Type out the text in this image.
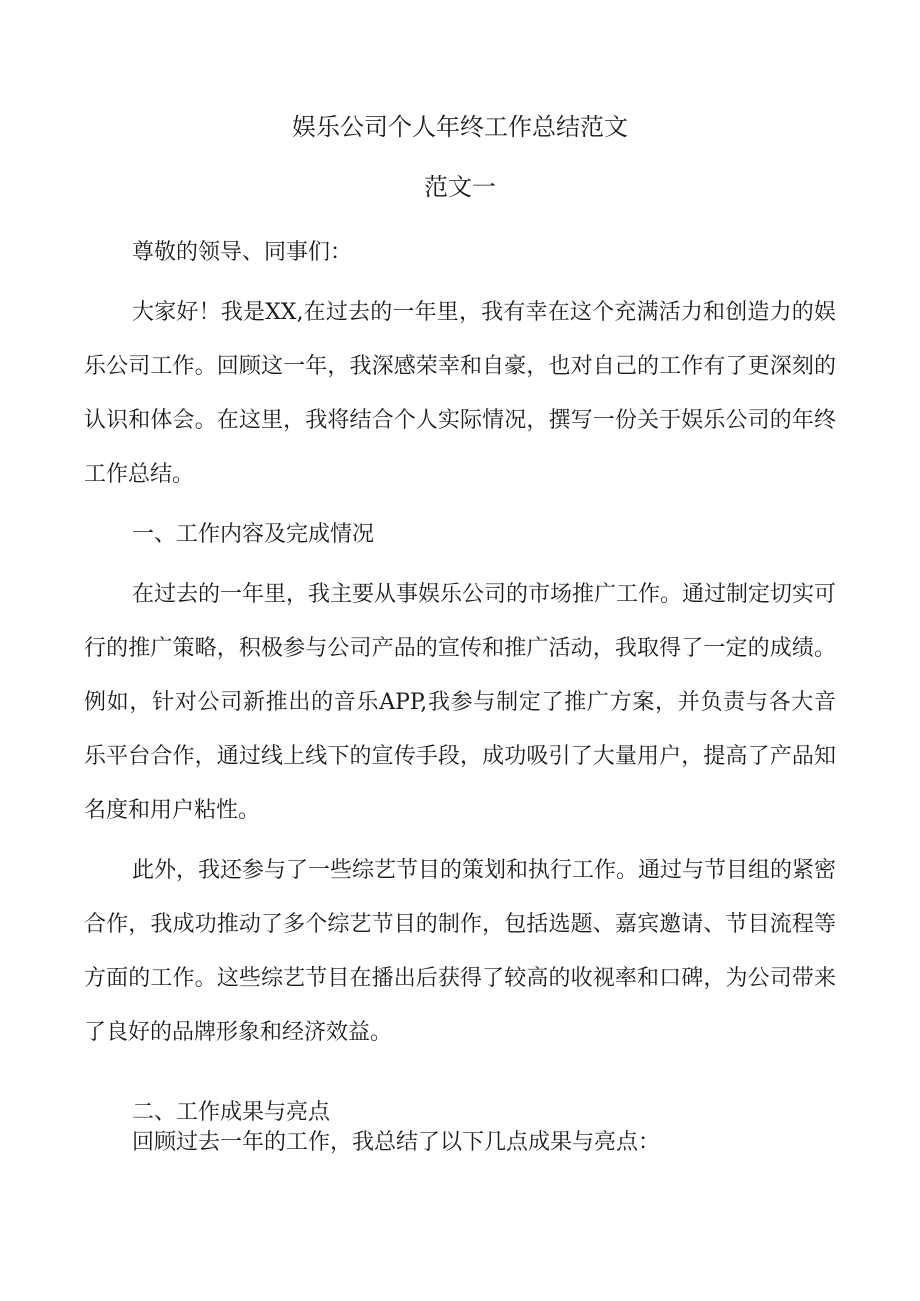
娱乐公司个人年终工作总结范文
范文一

尊敬的领导、同事们：

大家好！我是XX,在过去的一年里，我有幸在这个充满活力和创造力的娱乐公司工作。回顾这一年，我深感荣幸和自豪，也对自己的工作有了更深刻的认识和体会。在这里，我将结合个人实际情况，撰写一份关于娱乐公司的年终工作总结。

一、工作内容及完成情况

在过去的一年里，我主要从事娱乐公司的市场推广工作。通过制定切实可行的推广策略，积极参与公司产品的宣传和推广活动，我取得了一定的成绩。例如，针对公司新推出的音乐APP,我参与制定了推广方案，并负责与各大音乐平台合作，通过线上线下的宣传手段，成功吸引了大量用户，提高了产品知名度和用户粘性。

此外，我还参与了一些综艺节目的策划和执行工作。通过与节目组的紧密合作，我成功推动了多个综艺节目的制作，包括选题、嘉宾邀请、节目流程等方面的工作。这些综艺节目在播出后获得了较高的收视率和口碑，为公司带来了良好的品牌形象和经济效益。

二、工作成果与亮点

回顾过去一年的工作，我总结了以下几点成果与亮点：
